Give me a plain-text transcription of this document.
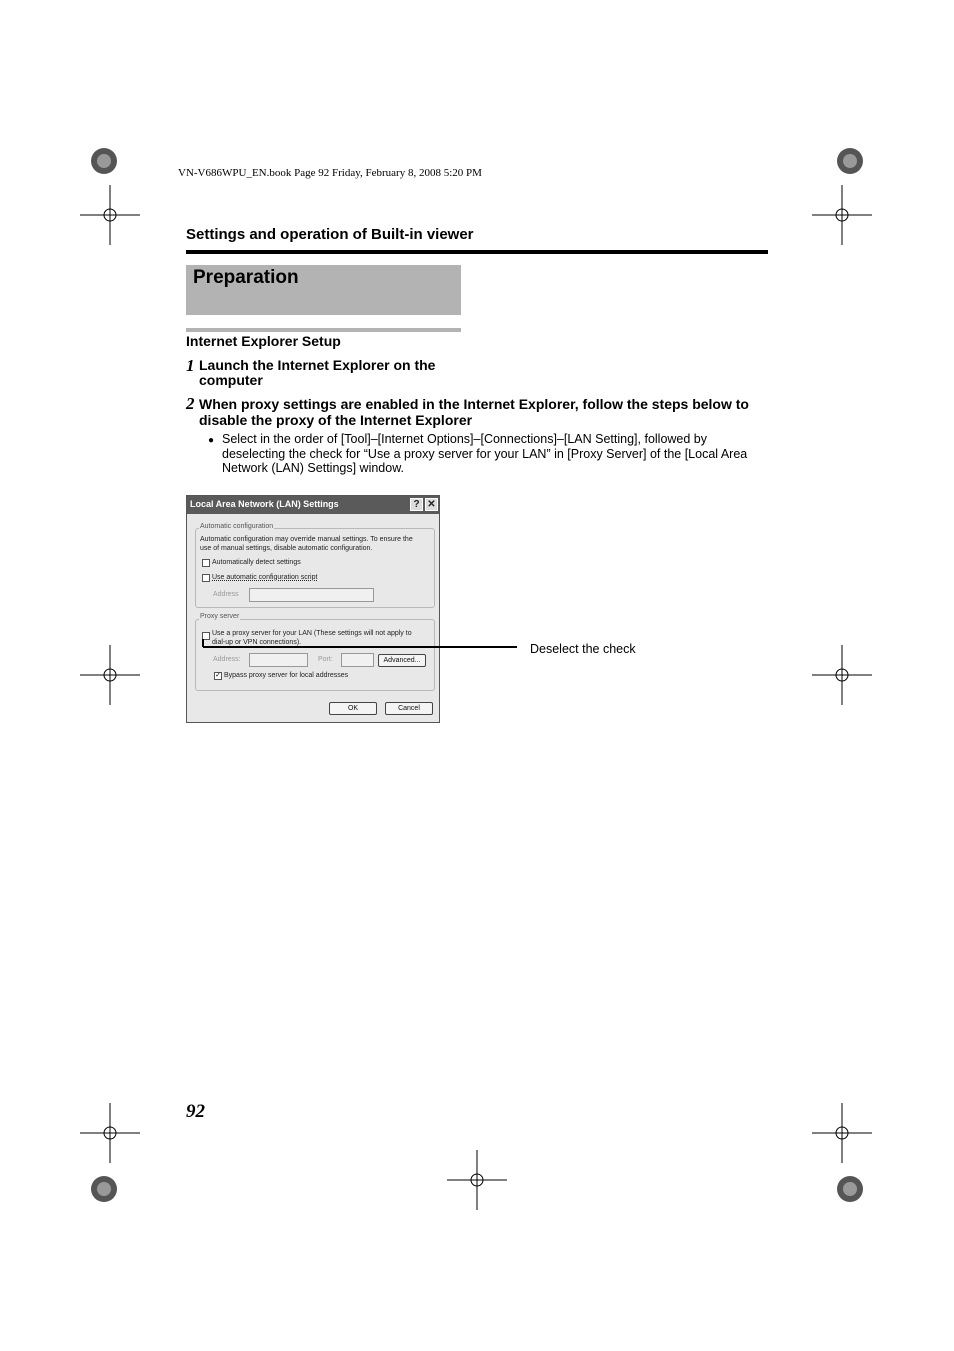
VN-V686WPU_EN.book Page 92 Friday, February 8, 2008 5:20 PM
Settings and operation of Built-in viewer
Preparation
Internet Explorer Setup
1 Launch the Internet Explorer on the
computer
2 When proxy settings are enabled in the Internet Explorer, follow the steps below to
disable the proxy of the Internet Explorer
● Select in the order of [Tool]–[Internet Options]–[Connections]–[LAN Setting], followed by
deselecting the check for “Use a proxy server for your LAN” in [Proxy Server] of the [Local Area
Network (LAN) Settings] window.
Local Area Network (LAN) Settings	? ✕
Automatic configuration
Automatic configuration may override manual settings. To ensure the
use of manual settings, disable automatic configuration.
Automatically detect settings
Use automatic configuration script
Address
Proxy server
Use a proxy server for your LAN (These settings will not apply to
dial-up or VPN connections).
Address:	Port:	Advanced...
✓ Bypass proxy server for local addresses
OK	Cancel
Deselect the check
92
